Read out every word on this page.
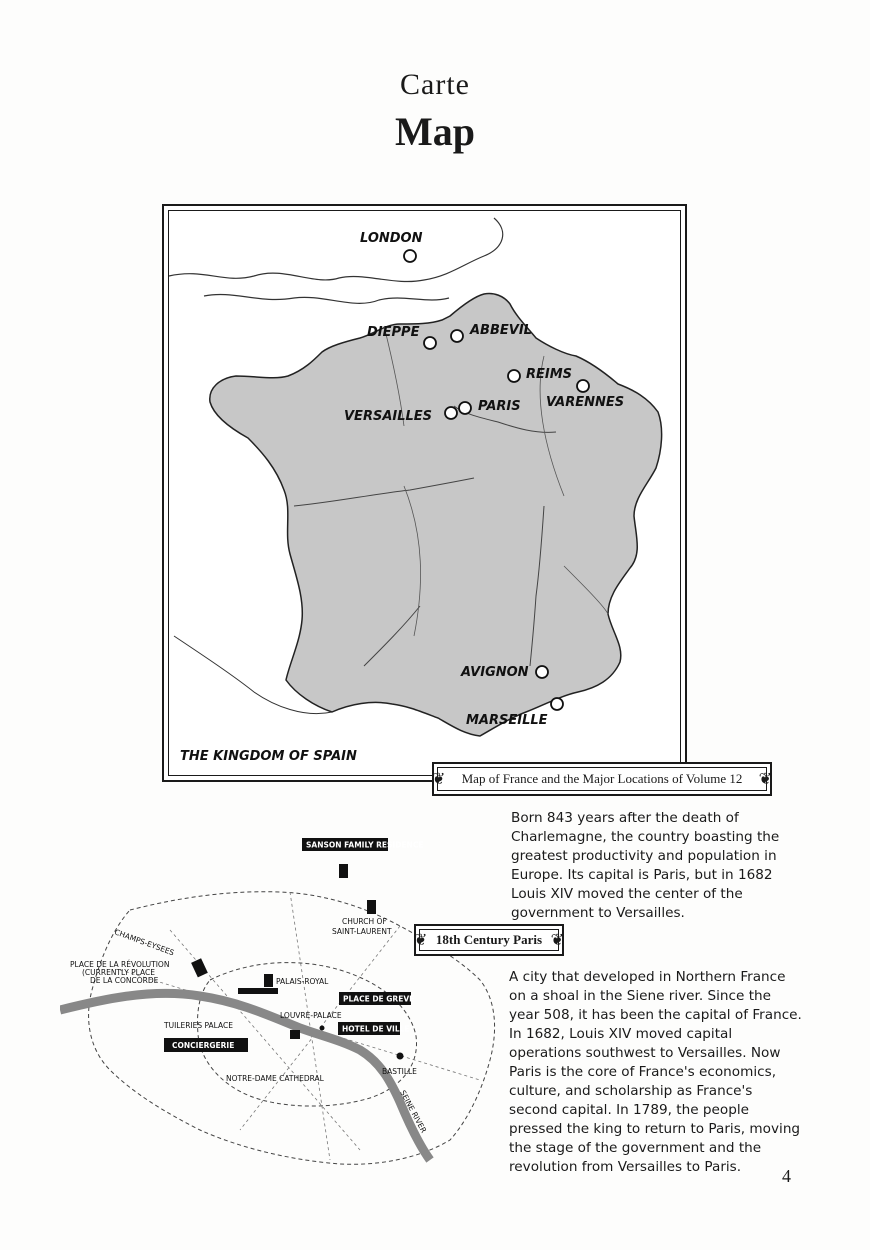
Carte
Map
LONDON
DIEPPE	ABBEVIL
REIMS
VARENNES
PARIS
VERSAILLES
AVIGNON
MARSEILLE
THE KINGDOM OF SPAIN
Map of France and the Major Locations of Volume 12
❦	❦
Born 843 years after the death of Charlemagne, the country boasting the greatest productivity and population in Europe. Its capital is Paris, but in 1682 Louis XIV moved the center of the government to Versailles.
SANSON FAMILY RESIDENCE
CHURCH OF
SAINT-LAURENT
CHAMPS-EYSEES
PLACE DE LA RÉVOLUTION
(CURRENTLY PLACE
DE LA CONCORDE	PALAIS-ROYAL
PLACE DE GREVE
LOUVRE-PALACE
TUILERIES PALACE	HOTEL DE VILLE
CONCIERGERIE
NOTRE-DAME CATHEDRAL
BASTILLE
SEINE RIVER
18th Century Paris
❦	❦
A city that developed in Northern France on a shoal in the Siene river. Since the year 508, it has been the capital of France. In 1682, Louis XIV moved capital operations southwest to Versailles. Now Paris is the core of France's economics, culture, and scholarship as France's second capital. In 1789, the people pressed the king to return to Paris, moving the stage of the government and the revolution from Versailles to Paris.	4
